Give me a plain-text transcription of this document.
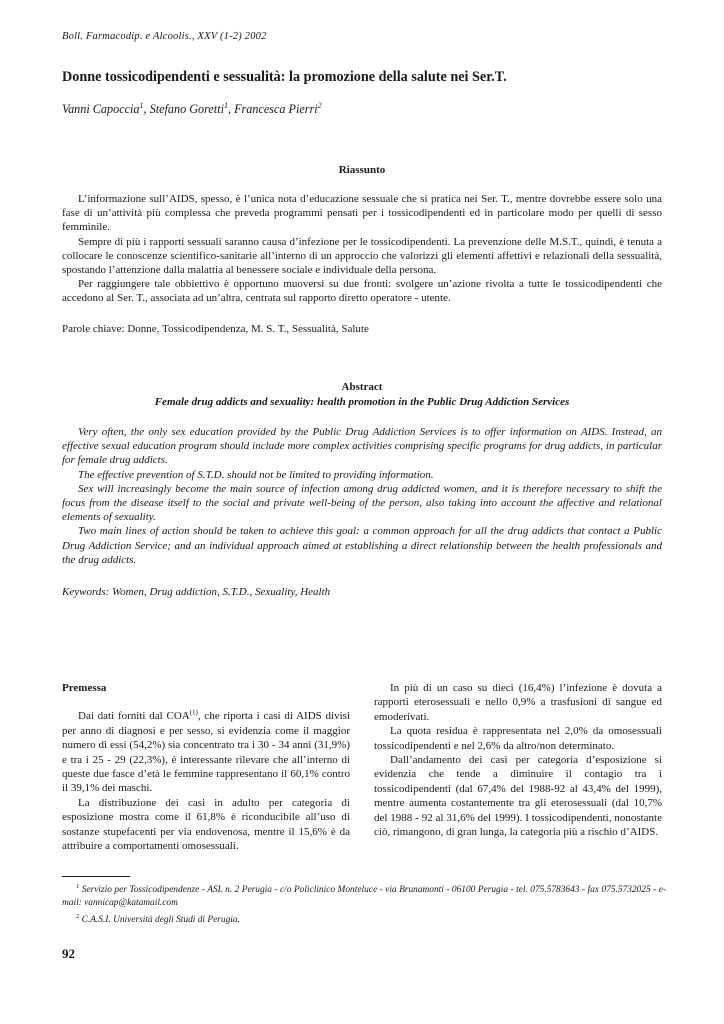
Boll. Farmacodip. e Alcoolis., XXV (1-2) 2002
Donne tossicodipendenti e sessualità: la promozione della salute nei Ser.T.
Vanni Capoccia$^1$, Stefano Goretti$^1$, Francesca Pierri$^2$
Riassunto

L’informazione sull’AIDS, spesso, è l’unica nota d’educazione sessuale che si pratica nei Ser. T., mentre dovrebbe essere solo una fase di un’attività più complessa che preveda programmi pensati per i tossicodipendenti ed in particolare modo per quelli di sesso femminile.

Sempre di più i rapporti sessuali saranno causa d’infezione per le tossicodipendenti. La prevenzione delle M.S.T., quindi, è tenuta a collocare le conoscenze scientifico-sanitarie all’interno di un approccio che valorizzi gli elementi affettivi e relazionali della sessualità, spostando l’attenzione dalla malattia al benessere sociale e individuale della persona.

Per raggiungere tale obbiettivo è opportuno muoversi su due fronti: svolgere un’azione rivolta a tutte le tossicodipendenti che accedono al Ser. T., associata ad un’altra, centrata sul rapporto diretto operatore - utente.

Parole chiave: Donne, Tossicodipendenza, M. S. T., Sessualità, Salute
Abstract
Female drug addicts and sexuality: health promotion in the Public Drug Addiction Services

Very often, the only sex education provided by the Public Drug Addiction Services is to offer information on AIDS. Instead, an effective sexual education program should include more complex activities comprising specific programs for drug addicts, in particular for female drug addicts.

The effective prevention of S.T.D. should not be limited to providing information.

Sex will increasingly become the main source of infection among drug addicted women, and it is therefore necessary to shift the focus from the disease itself to the social and private well-being of the person, also taking into account the affective and relational elements of sexuality.

Two main lines of action should be taken to achieve this goal: a common approach for all the drug addicts that contact a Public Drug Addiction Service; and an individual approach aimed at establishing a direct relationship between the health professionals and the drug addicts.

Keywords: Women, Drug addiction, S.T.D., Sexuality, Health

Premessa

Dai dati forniti dal COA$^{(1)}$, che riporta i casi di AIDS divisi per anno di diagnosi e per sesso, si evidenzia come il maggior numero di essi (54,2%) sia concentrato tra i 30 - 34 anni (31,9%) e tra i 25 - 29 (22,3%), è interessante rilevare che all’interno di queste due fasce d’età le femmine rappresentano il 60,1% contro il 39,1% dei maschi.

La distribuzione dei casi in adulto per categoria di esposizione mostra come il 61,8% è riconducibile all’uso di sostanze stupefacenti per via endovenosa, mentre il 15,6% è da attribuire a comportamenti omosessuali.

In più di un caso su dieci (16,4%) l’infezione è dovuta a rapporti eterosessuali e nello 0,9% a trasfusioni di sangue ed emoderivati.

La quota residua è rappresentata nel 2,0% da omosessuali tossicodipendenti e nel 2,6% da altro/non determinato.

Dall’andamento dei casi per categoria d’esposizione si evidenzia che tende a diminuire il contagio tra i tossicodipendenti (dal 67,4% del 1988-92 al 43,4% del 1999), mentre aumenta costantemente tra gli eterosessuali (dal 10,7% del 1988 - 92 al 31,6% del 1999). I tossicodipendenti, nonostante ciò, rimangono, di gran lunga, la categoria più a rischio d’AIDS.

$^1$ Servizio per Tossicodipendenze - ASL n. 2 Perugia - c/o Policlinico Monteluce - via Brunamonti - 06100 Perugia - tel. 075.5783643 - fax 075.5732025 - e-mail: vannicap@katamail.com

$^2$ C.A.S.I. Università degli Studi di Perugia.

92
